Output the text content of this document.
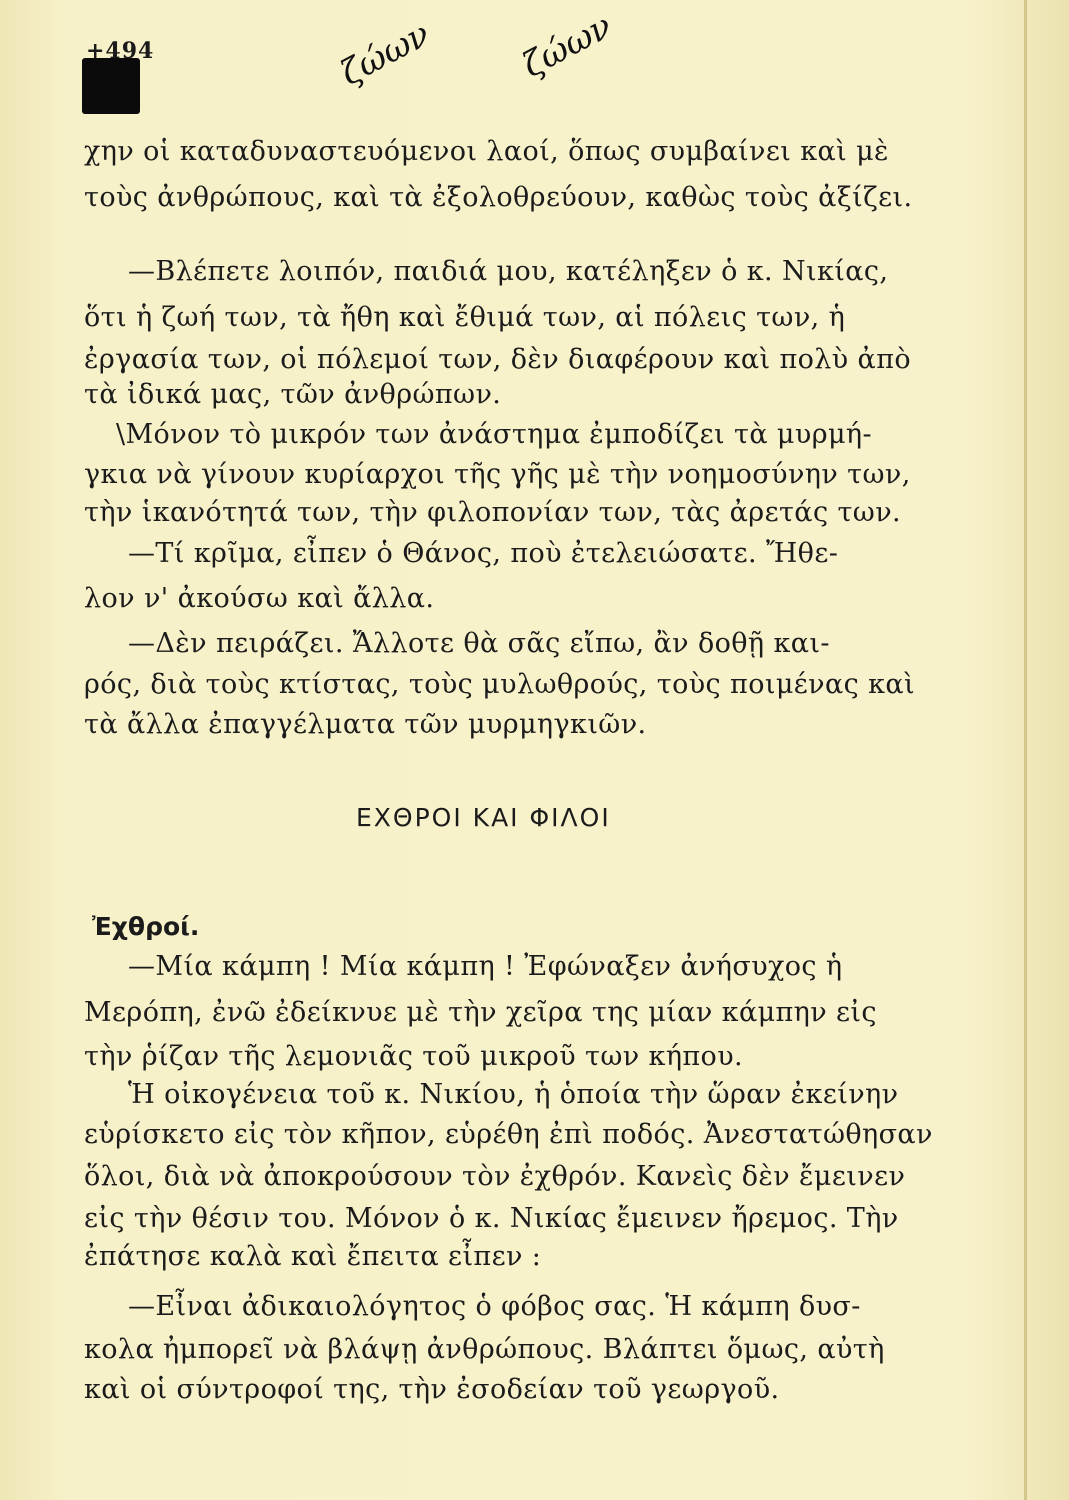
+494	ζώων ζώων
χην οἱ καταδυναστευόμενοι λαοί, ὅπως συμβαίνει καὶ μὲ
τοὺς ἀνθρώπους, καὶ τὰ ἐξολοθρεύουν, καθὼς τοὺς ἀξίζει.
—Βλέπετε λοιπόν, παιδιά μου, κατέληξεν ὁ κ. Νικίας,
ὅτι ἡ ζωή των, τὰ ἤθη καὶ ἔθιμά των, αἱ πόλεις των, ἡ
ἐργασία των, οἱ πόλεμοί των, δὲν διαφέρουν καὶ πολὺ ἀπὸ
τὰ ἰδικά μας, τῶν ἀνθρώπων.
\Μόνον τὸ μικρόν των ἀνάστημα ἐμποδίζει τὰ μυρμή-
γκια νὰ γίνουν κυρίαρχοι τῆς γῆς μὲ τὴν νοημοσύνην των,
τὴν ἱκανότητά των, τὴν φιλοπονίαν των, τὰς ἀρετάς των.
—Τί κρῖμα, εἶπεν ὁ Θάνος, ποὺ ἐτελειώσατε. Ἤθε-
λον ν' ἀκούσω καὶ ἄλλα.
—Δὲν πειράζει. Ἄλλοτε θὰ σᾶς εἴπω, ἂν δοθῇ και-
ρός, διὰ τοὺς κτίστας, τοὺς μυλωθρούς, τοὺς ποιμένας καὶ
τὰ ἄλλα ἐπαγγέλματα τῶν μυρμηγκιῶν.
ΕΧΘΡΟΙ ΚΑΙ ΦΙΛΟΙ
Ἐχθροί.
—Μία κάμπη ! Μία κάμπη ! Ἐφώναξεν ἀνήσυχος ἡ
Μερόπη, ἐνῶ ἐδείκνυε μὲ τὴν χεῖρα της μίαν κάμπην εἰς
τὴν ῥίζαν τῆς λεμονιᾶς τοῦ μικροῦ των κήπου.
Ἡ οἰκογένεια τοῦ κ. Νικίου, ἡ ὁποία τὴν ὥραν ἐκείνην
εὑρίσκετο εἰς τὸν κῆπον, εὑρέθη ἐπὶ ποδός. Ἀνεστατώθησαν
ὅλοι, διὰ νὰ ἀποκρούσουν τὸν ἐχθρόν. Κανεὶς δὲν ἔμεινεν
εἰς τὴν θέσιν του. Μόνον ὁ κ. Νικίας ἔμεινεν ἤρεμος. Τὴν
ἐπάτησε καλὰ καὶ ἔπειτα εἶπεν :
—Εἶναι ἀδικαιολόγητος ὁ φόβος σας. Ἡ κάμπη δυσ-
κολα ἠμπορεῖ νὰ βλάψῃ ἀνθρώπους. Βλάπτει ὅμως, αὐτὴ
καὶ οἱ σύντροφοί της, τὴν ἐσοδείαν τοῦ γεωργοῦ.
